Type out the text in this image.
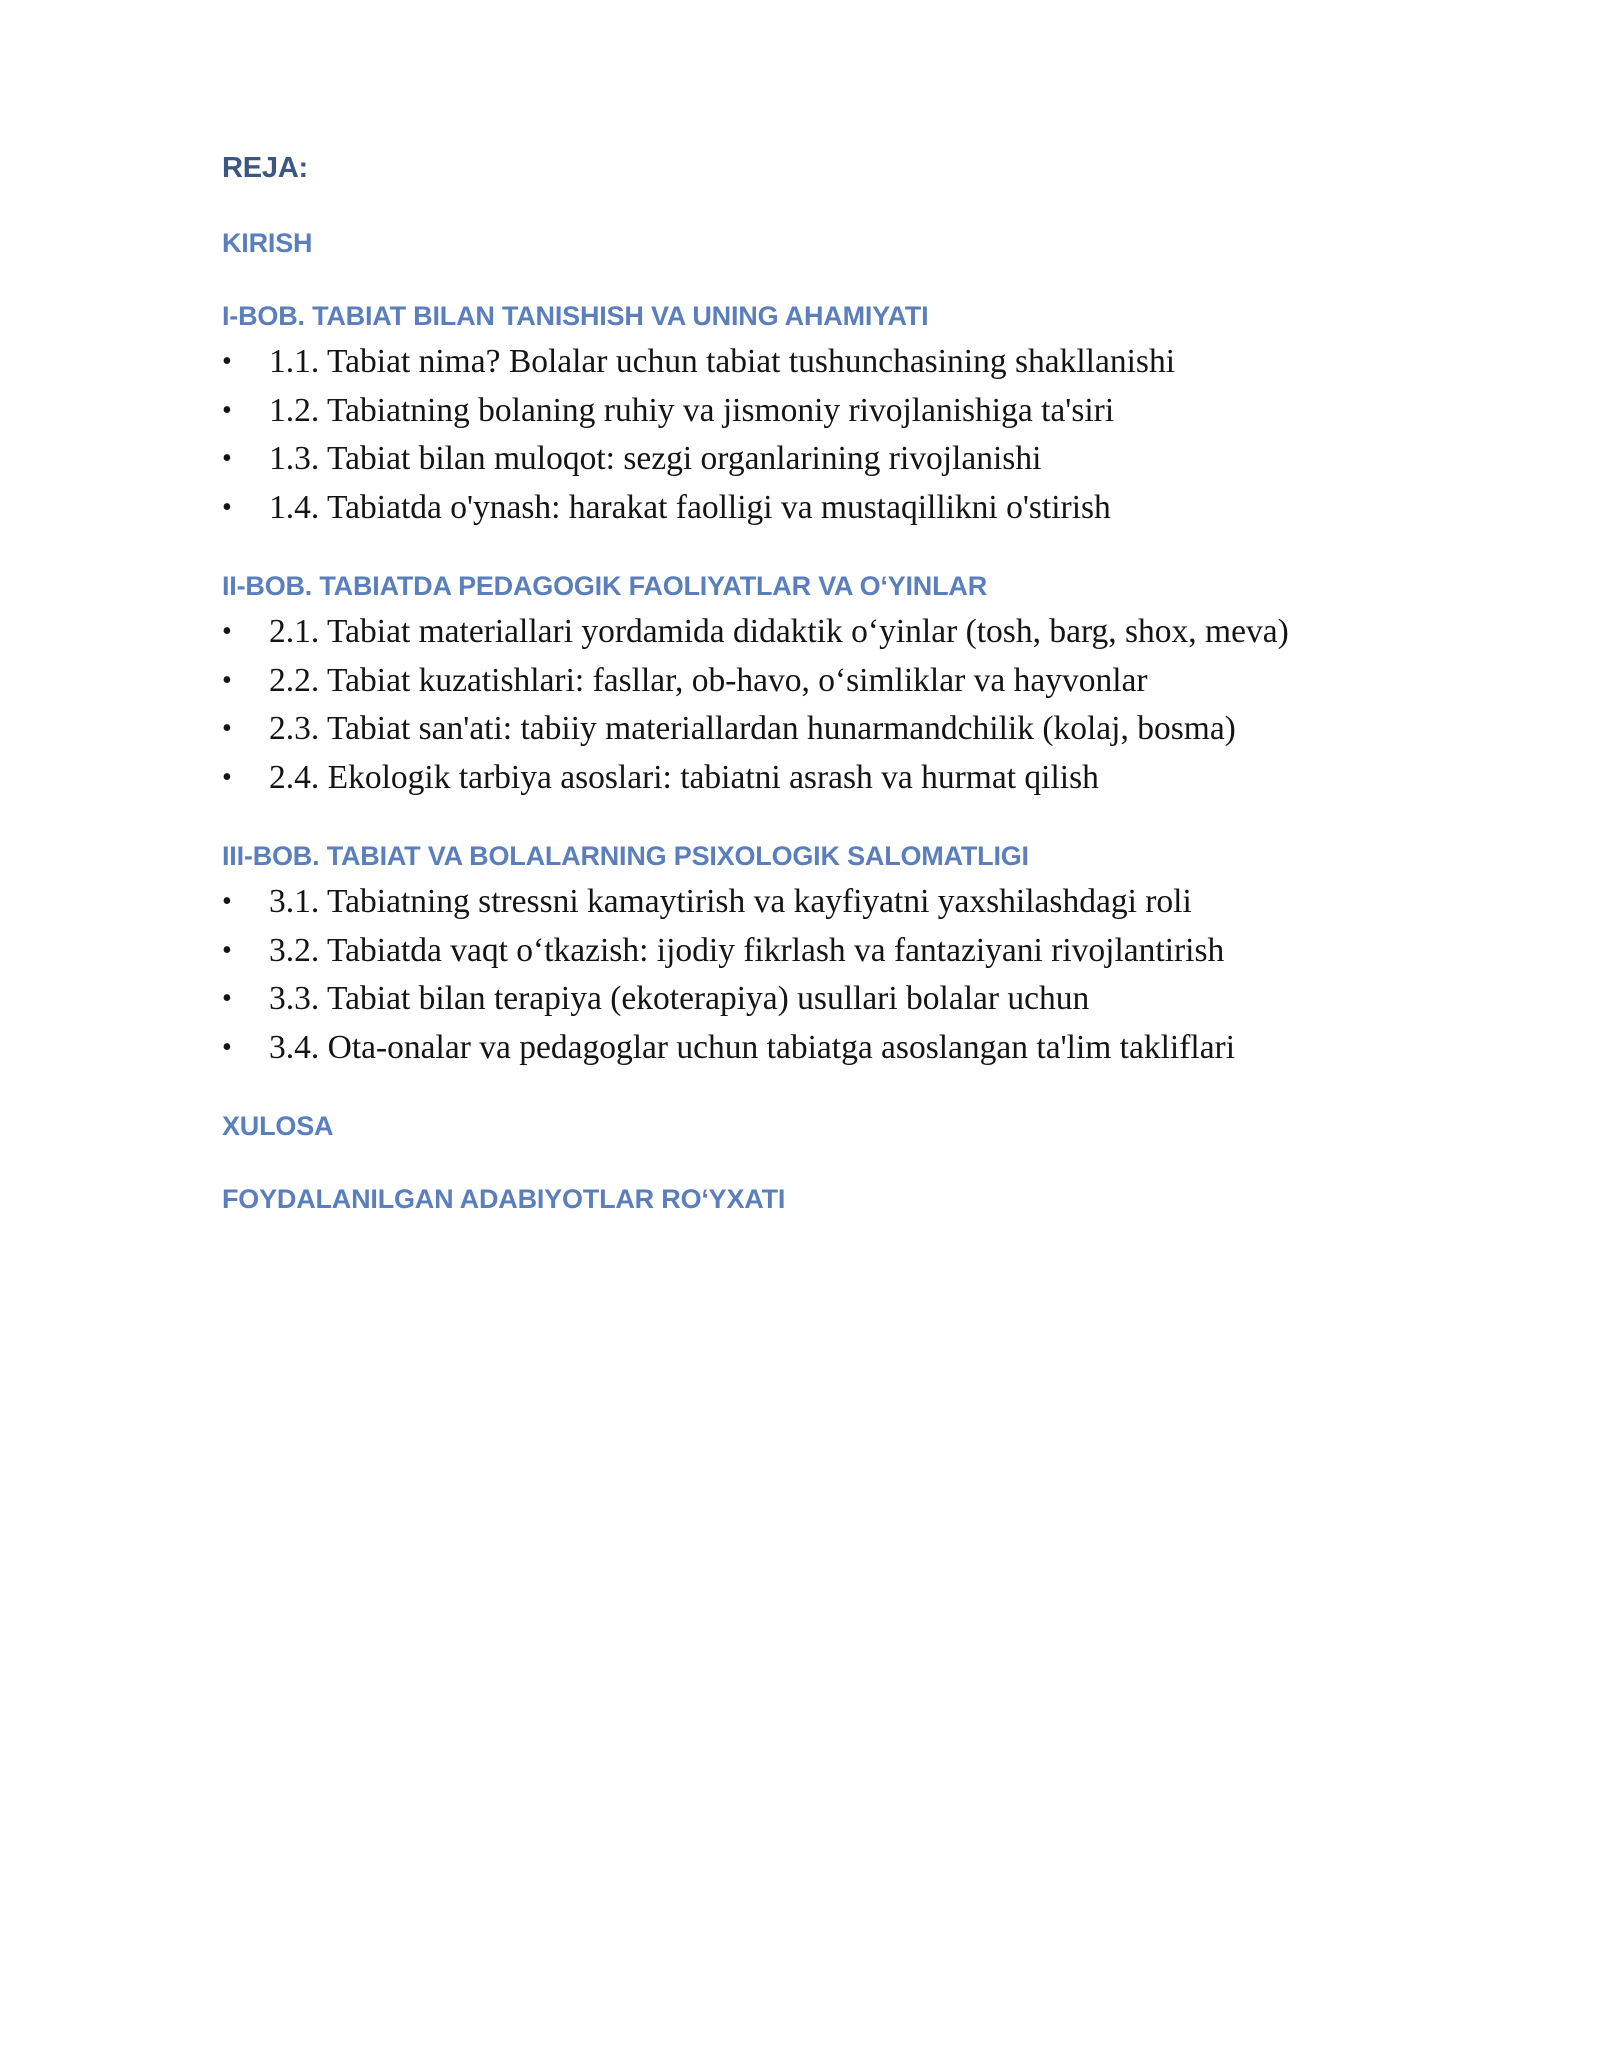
REJA:

KIRISH

I-BOB. TABIAT BILAN TANISHISH VA UNING AHAMIYATI

• 1.1. Tabiat nima? Bolalar uchun tabiat tushunchasining shakllanishi
• 1.2. Tabiatning bolaning ruhiy va jismoniy rivojlanishiga ta'siri
• 1.3. Tabiat bilan muloqot: sezgi organlarining rivojlanishi
• 1.4. Tabiatda o'ynash: harakat faolligi va mustaqillikni o'stirish

II-BOB. TABIATDA PEDAGOGIK FAOLIYATLAR VA O‘YINLAR

• 2.1. Tabiat materiallari yordamida didaktik o‘yinlar (tosh, barg, shox, meva)
• 2.2. Tabiat kuzatishlari: fasllar, ob-havo, o‘simliklar va hayvonlar
• 2.3. Tabiat san'ati: tabiiy materiallardan hunarmandchilik (kolaj, bosma)
• 2.4. Ekologik tarbiya asoslari: tabiatni asrash va hurmat qilish

III-BOB. TABIAT VA BOLALARNING PSIXOLOGIK SALOMATLIGI

• 3.1. Tabiatning stressni kamaytirish va kayfiyatni yaxshilashdagi roli
• 3.2. Tabiatda vaqt o‘tkazish: ijodiy fikrlash va fantaziyani rivojlantirish
• 3.3. Tabiat bilan terapiya (ekoterapiya) usullari bolalar uchun
• 3.4. Ota-onalar va pedagoglar uchun tabiatga asoslangan ta'lim takliflari

XULOSA

FOYDALANILGAN ADABIYOTLAR RO‘YXATI
